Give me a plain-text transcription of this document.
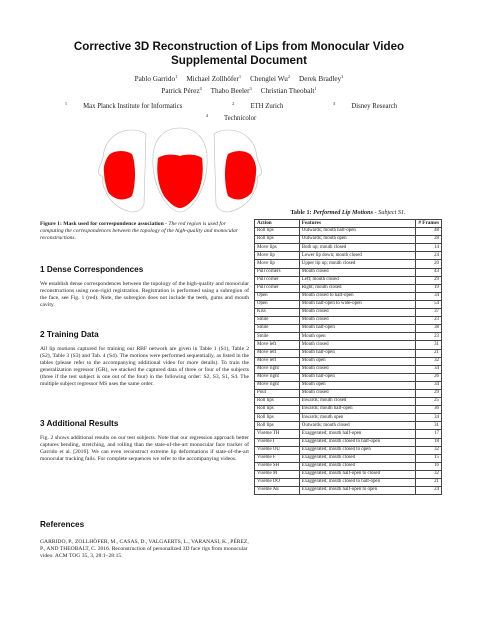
Corrective 3D Reconstruction of Lips from Monocular Video
Supplemental Document
Pablo Garrido$^1$ Michael Zollhöfer$^1$ Chenglei Wu$^2$ Derek Bradley$^3$
Patrick Pérez$^4$ Thabo Beeler$^3$ Christian Theobalt$^1$
$^1$ Max Planck Institute for Informatics	$^2$ ETH Zurich	$^3$ Disney Research $^4$ Technicolor
Figure 1: Mask used for correspondence association - The red region is used for computing the correspondences between the topology of the high-quality and monocular reconstructions.
1 Dense Correspondences
We establish dense correspondences between the topology of the high-quality and monocular reconstructions using non-rigid registration. Registration is performed using a subregion of the face, see Fig. 1 (red). Note, the subregion does not include the teeth, gums and mouth cavity.
2 Training Data
All lip motions captured for training our RBF network are given in Table 1 (S1), Table 2 (S2), Table 3 (S3) and Tab. 4 (S4). The motions were performed sequentially, as listed in the tables (please refer to the accompanying additional video for more details). To train the generalization regressor (GR), we stacked the captured data of three or four of the subjects (three if the test subject is one out of the four) in the following order: S2, S3, S1, S4. The multiple subject regressor MS uses the same order.
3 Additional Results
Fig. 2 shows additional results on our test subjects. Note that our regression approach better captures bending, stretching, and rolling than the state-of-the-art monocular face tracker of Garrido et al. [2016]. We can even reconstruct extreme lip deformations if state-of-the-art monocular tracking fails. For complete sequences we refer to the accompanying videos.
References
GARRIDO, P., ZOLLHÖFER, M., CASAS, D., VALGAERTS, L., VARANASI, K., PÉREZ, P., AND THEOBALT, C. 2016. Reconstruction of personalized 3D face rigs from monocular video. ACM TOG 35, 3, 28:1–28:15.
Table 1: Performed Lip Motions - Subject S1.
Action	Features	# Frames
Roll lips	Outwards; mouth half-open	48
Roll lips	Outwards; mouth open	28
Move lips	Both up; mouth closed	14
Move lip	Lower lip down; mouth closed	24
Move lip	Upper lip up; mouth closed	20
Pull corners	Mouth closed	43
Pull corner	Left; mouth closed	29
Pull corner	Right; mouth closed	19
Open	Mouth closed to half-open	34
Open	Mouth half-open to wide-open	54
Kiss	Mouth closed	37
Smile	Mouth closed	23
Smile	Mouth half-open	38
Smile	Mouth open	23
Move left	Mouth closed	31
Move left	Mouth half-open	21
Move left	Mouth open	32
Move right	Mouth closed	34
Move right	Mouth half-open	26
Move right	Mouth open	34
Pout	Mouth closed	29
Roll lips	Inwards; mouth closed	25
Roll lips	Inwards; mouth half-open	36
Roll lips	Inwards; mouth open	34
Roll lips	Outwards; mouth closed	31
Viseme TH	Exaggerated; mouth half-open	17
Viseme I	Exaggerated; mouth closed to half-open	18
Viseme OU	Exaggerated; mouth closed to open	32
Viseme F	Exaggerated; mouth closed	15
Viseme SH	Exaggerated; mouth closed	16
Viseme M	Exaggerated; mouth half-open to closed	32
Viseme OO	Exaggerated; mouth closed to half-open	21
Viseme AE	Exaggerated; mouth half-open to open	24
